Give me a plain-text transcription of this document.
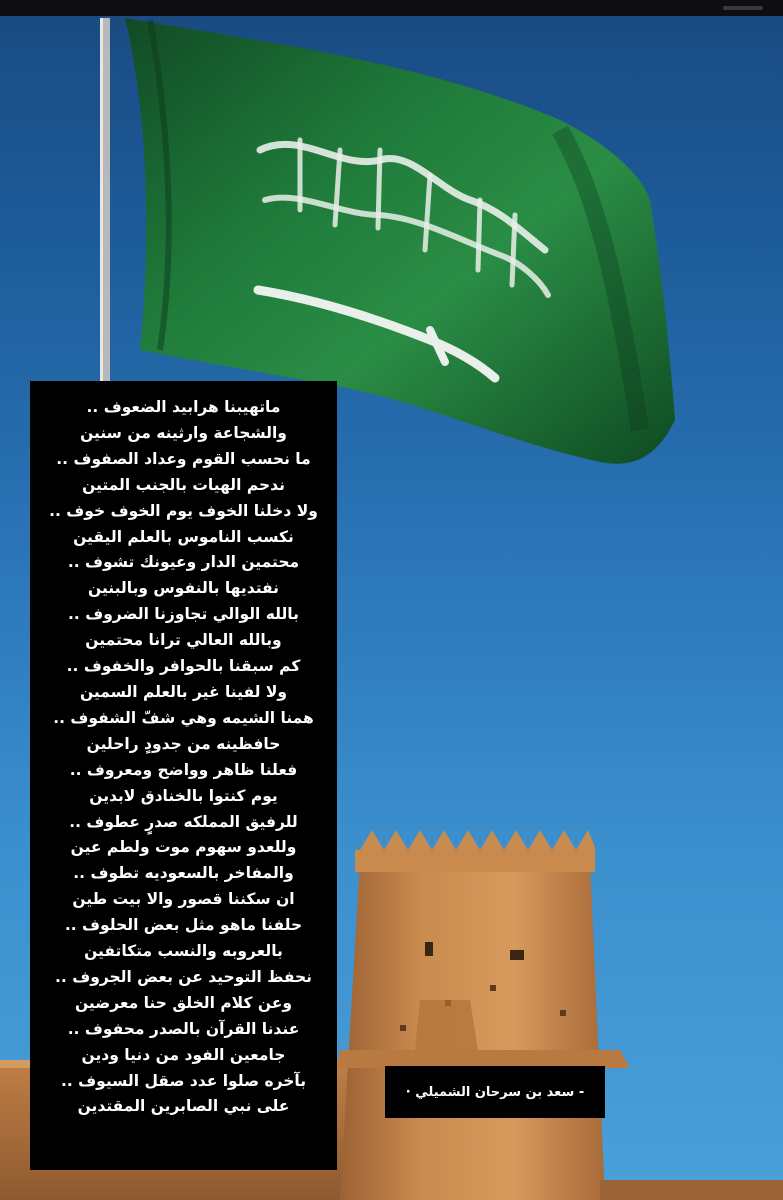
ماتهيبنا هرابيد الضعوف ..
والشجاعة وارثينه من سنين
ما نحسب القوم وعداد الصفوف ..
ندحم الهيات بالجنب المتين
ولا دخلنا الخوف يوم الخوف خوف ..
نكسب الناموس بالعلم اليقين
محتمين الدار وعيونك تشوف ..
نفتديها بالنفوس وبالبنين
بالله الوالي تجاوزنا الضروف ..
وبالله العالي ترانا محتمين
كم سبقنا بالحوافر والخفوف ..
ولا لفينا غير بالعلم السمين
همنا الشيمه وهي شفّ الشفوف ..
حافظينه من جدودٍ راحلين
فعلنا ظاهر وواضح ومعروف ..
يوم كنتوا بالخنادق لابدين
للرفيق المملكه صدرٍ عطوف ..
وللعدو سهوم موت ولطم عين
والمفاخر بالسعوديه تطوف ..
ان سكننا قصور والا بيت طين
حلفنا ماهو مثل بعض الحلوف ..
بالعروبه والنسب متكاتفين
نحفظ التوحيد عن بعض الجروف ..
وعن كلام الخلق حنا معرضين
عندنا القرآن بالصدر محفوف ..
جامعين الفود من دنيا ودين
بآخره صلوا عدد صقل السيوف ..
على نبي الصابرين المقتدين
- سعد بن سرحان الشميلي ·
